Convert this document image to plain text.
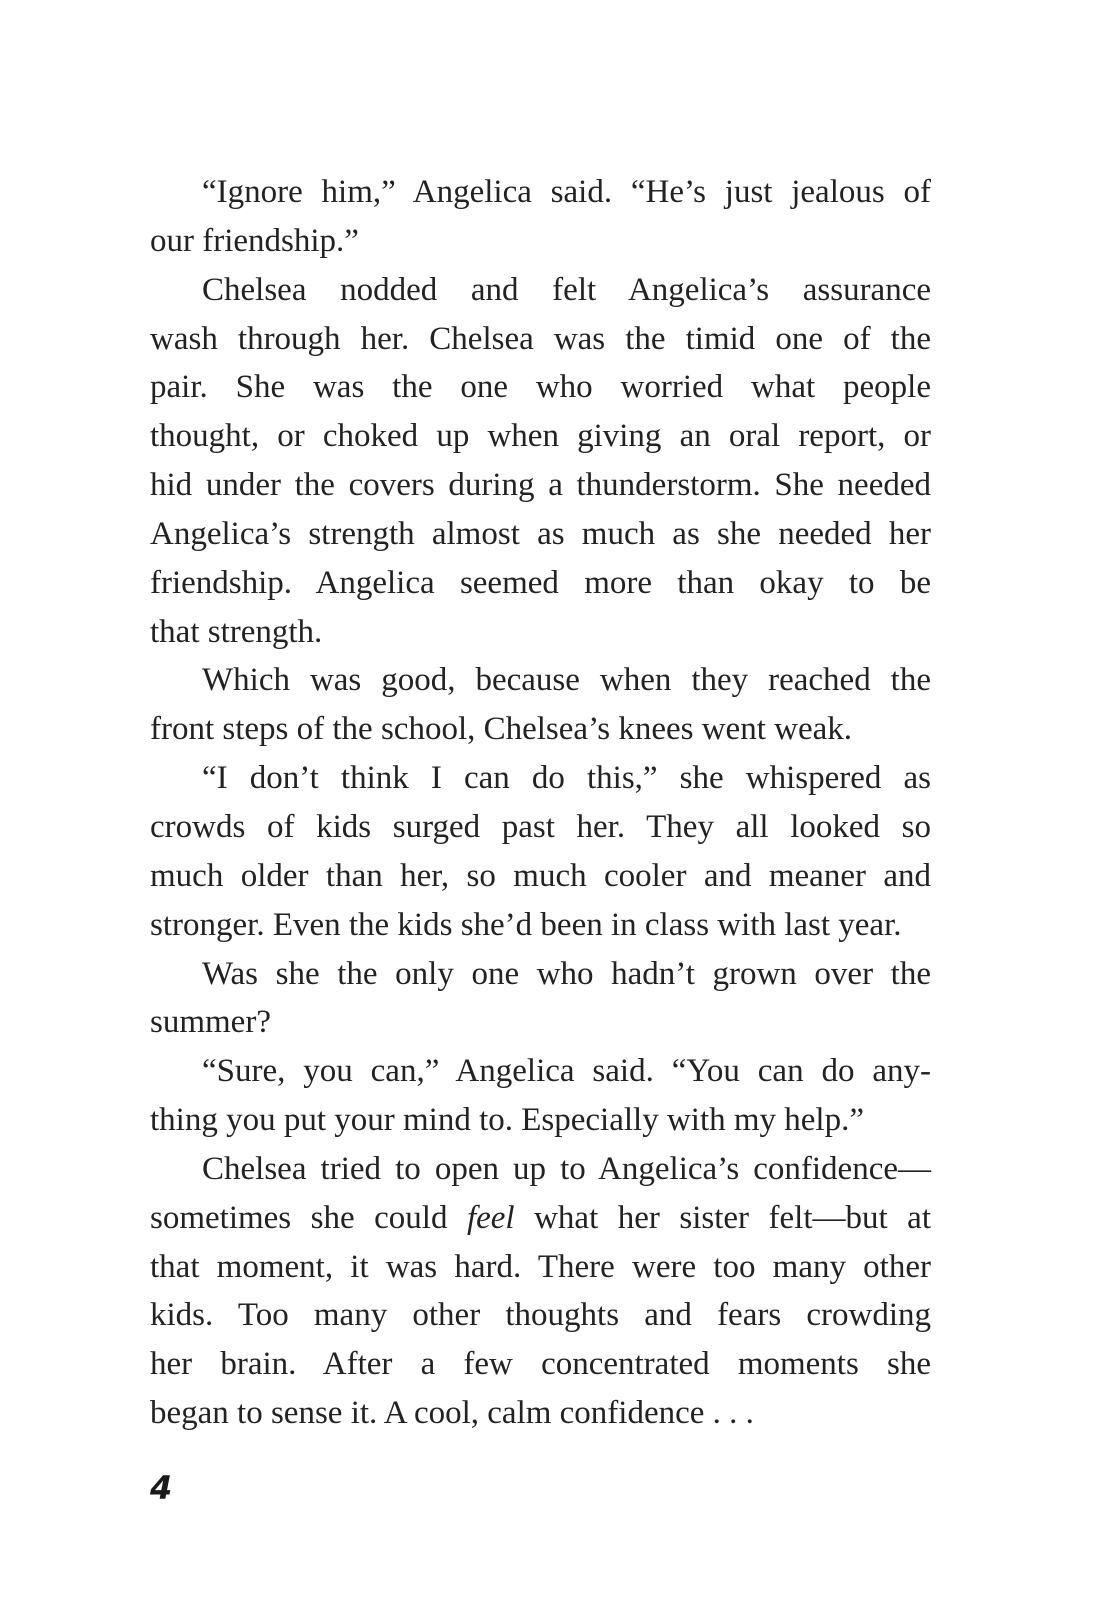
“Ignore him,” Angelica said. “He’s just jealous of
our friendship.”
Chelsea nodded and felt Angelica’s assurance
wash through her. Chelsea was the timid one of the
pair. She was the one who worried what people
thought, or choked up when giving an oral report, or
hid under the covers during a thunderstorm. She needed
Angelica’s strength almost as much as she needed her
friendship. Angelica seemed more than okay to be
that strength.
Which was good, because when they reached the
front steps of the school, Chelsea’s knees went weak.
“I don’t think I can do this,” she whispered as
crowds of kids surged past her. They all looked so
much older than her, so much cooler and meaner and
stronger. Even the kids she’d been in class with last year.
Was she the only one who hadn’t grown over the
summer?
“Sure, you can,” Angelica said. “You can do any-
thing you put your mind to. Especially with my help.”
Chelsea tried to open up to Angelica’s confidence—
sometimes she could feel what her sister felt—but at
that moment, it was hard. There were too many other
kids. Too many other thoughts and fears crowding
her brain. After a few concentrated moments she
began to sense it. A cool, calm confidence . . .
4
